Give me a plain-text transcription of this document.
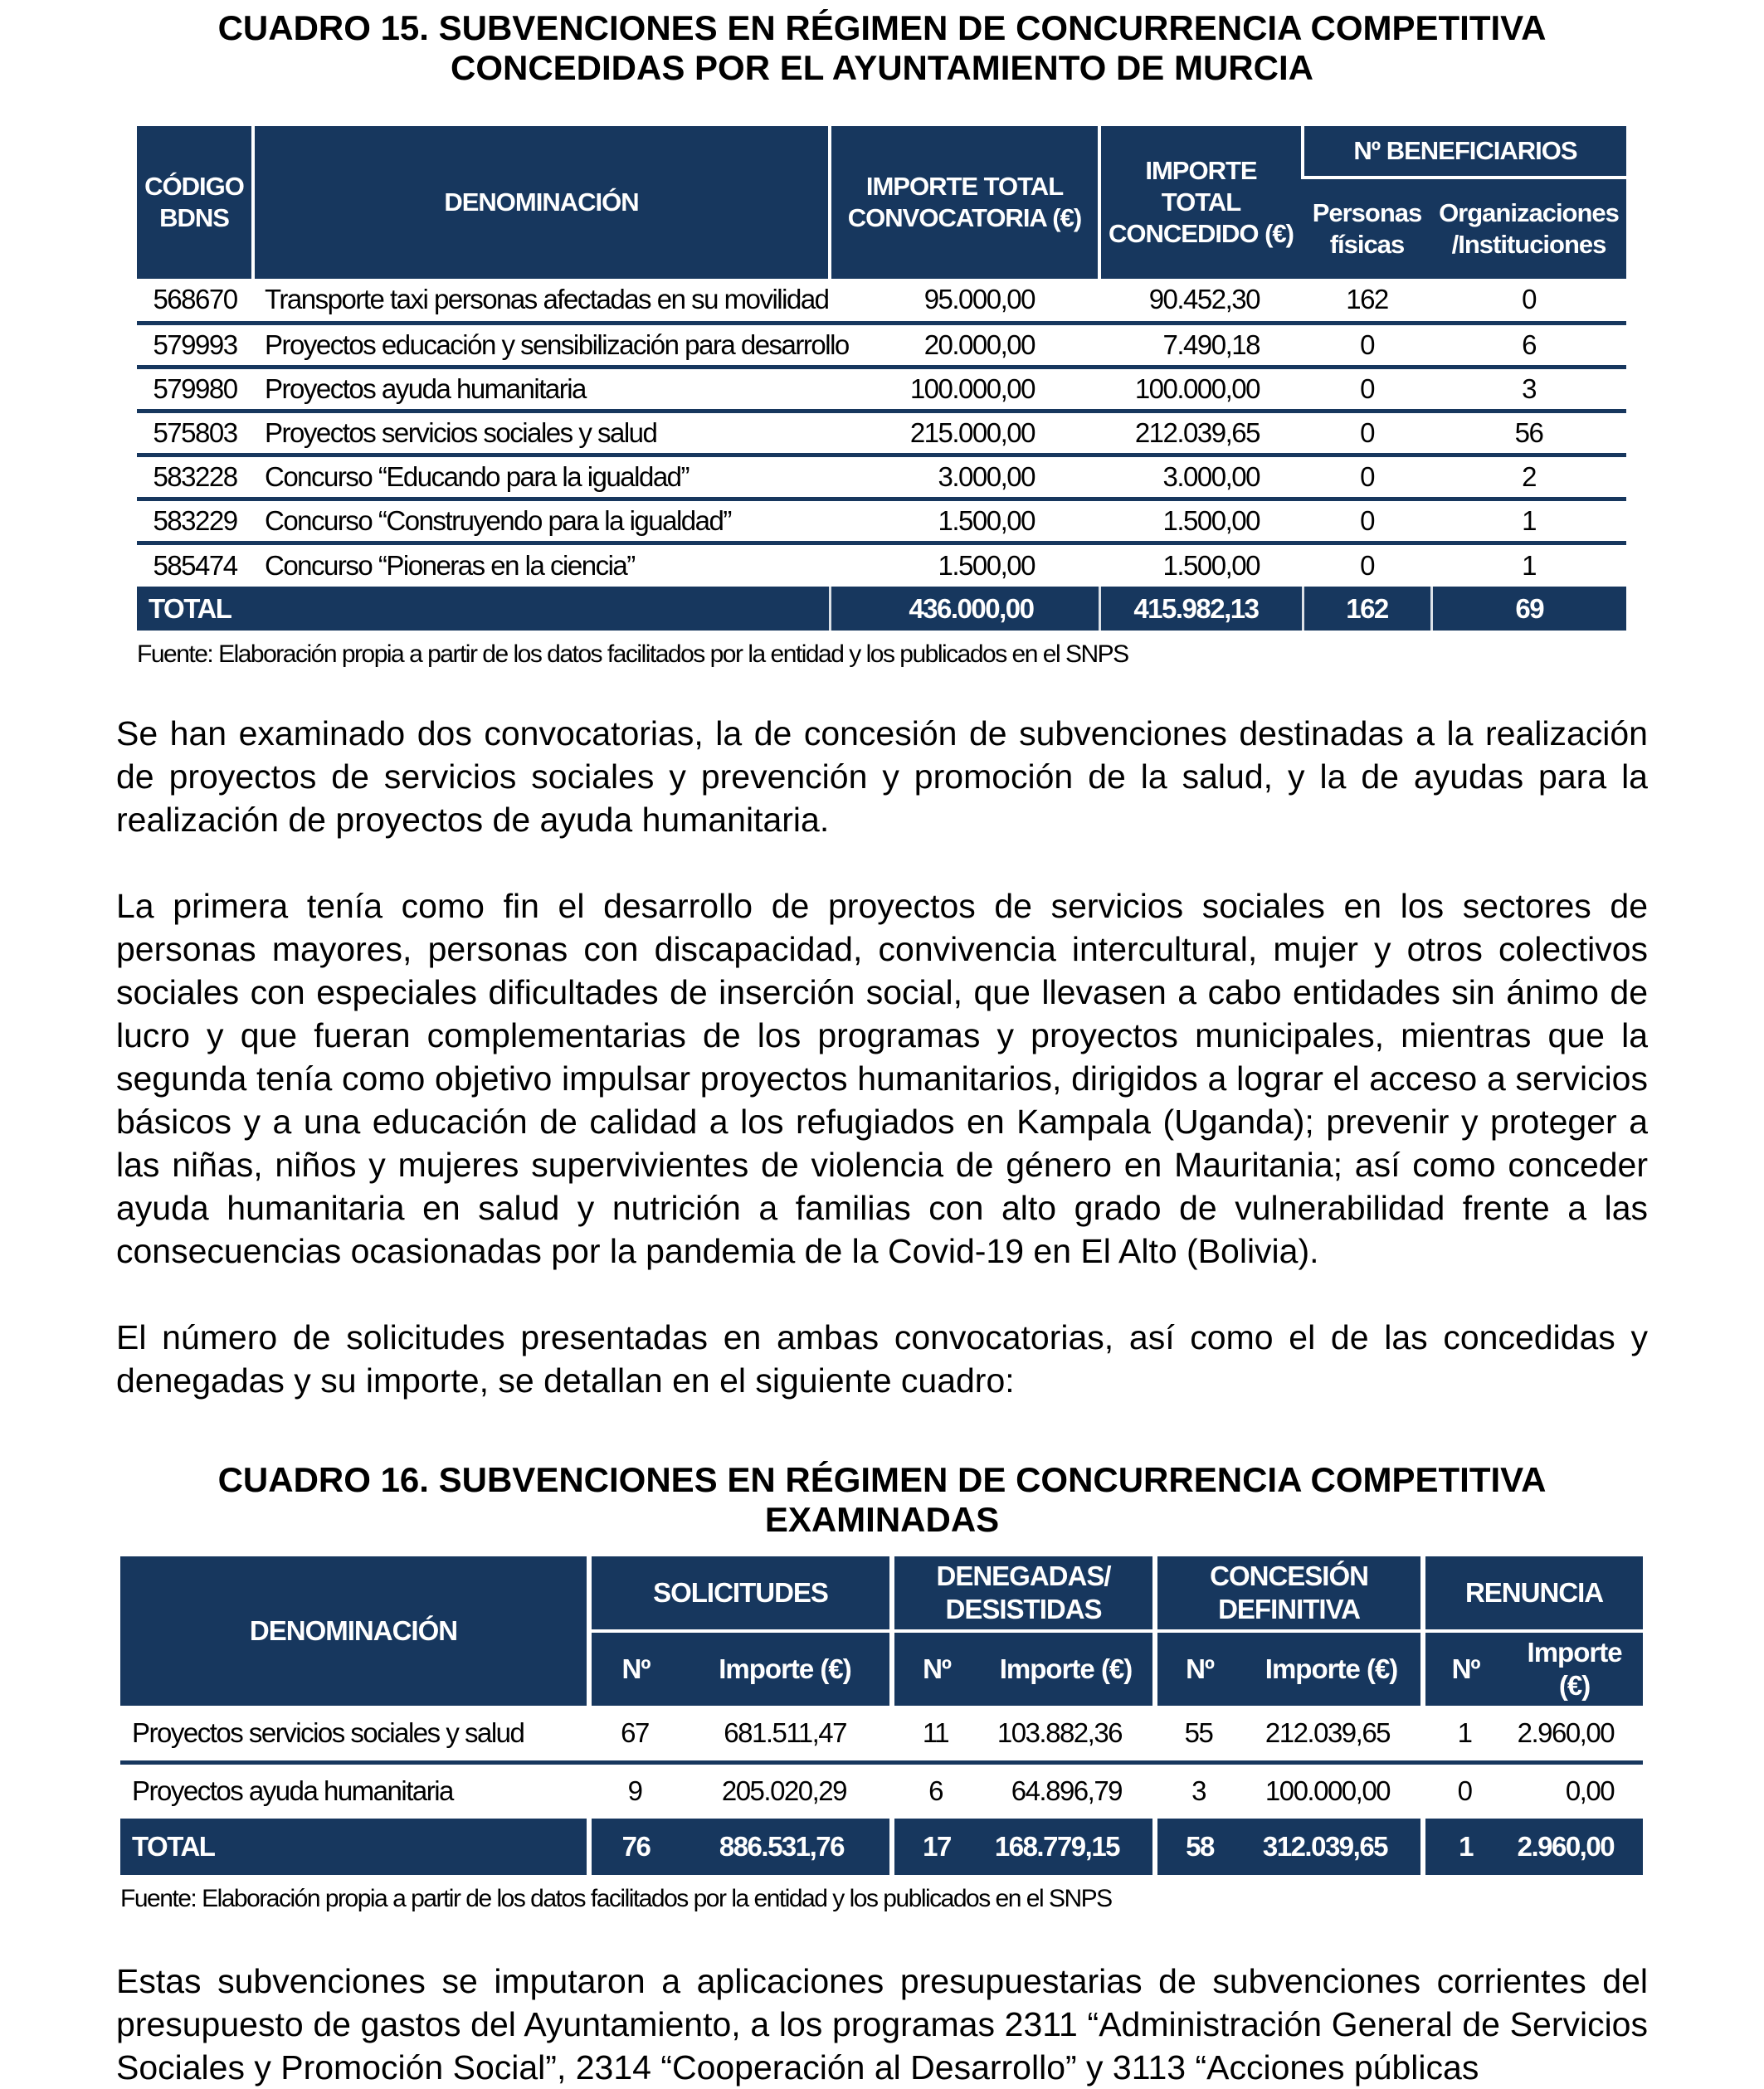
CUADRO 15. SUBVENCIONES EN RÉGIMEN DE CONCURRENCIA COMPETITIVA
CONCEDIDAS POR EL AYUNTAMIENTO DE MURCIA
CÓDIGO BDNS	DENOMINACIÓN	IMPORTE TOTAL CONVOCATORIA (€)	IMPORTE TOTAL CONCEDIDO (€)	Nº BENEFICIARIOS	
				Personas físicas	Organizaciones /Instituciones
568670	Transporte taxi personas afectadas en su movilidad	95.000,00	90.452,30	162	0
579993	Proyectos educación y sensibilización para desarrollo	20.000,00	7.490,18	0	6
579980	Proyectos ayuda humanitaria	100.000,00	100.000,00	0	3
575803	Proyectos servicios sociales y salud	215.000,00	212.039,65	0	56
583228	Concurso “Educando para la igualdad”	3.000,00	3.000,00	0	2
583229	Concurso “Construyendo para la igualdad”	1.500,00	1.500,00	0	1
585474	Concurso “Pioneras en la ciencia”	1.500,00	1.500,00	0	1
TOTAL		436.000,00	415.982,13	162	69
Fuente: Elaboración propia a partir de los datos facilitados por la entidad y los publicados en el SNPS

Se han examinado dos convocatorias, la de concesión de subvenciones destinadas a la realización de proyectos de servicios sociales y prevención y promoción de la salud, y la de ayudas para la realización de proyectos de ayuda humanitaria.

La primera tenía como fin el desarrollo de proyectos de servicios sociales en los sectores de personas mayores, personas con discapacidad, convivencia intercultural, mujer y otros colectivos sociales con especiales dificultades de inserción social, que llevasen a cabo entidades sin ánimo de lucro y que fueran complementarias de los programas y proyectos municipales, mientras que la segunda tenía como objetivo impulsar proyectos humanitarios, dirigidos a lograr el acceso a servicios básicos y a una educación de calidad a los refugiados en Kampala (Uganda); prevenir y proteger a las niñas, niños y mujeres supervivientes de violencia de género en Mauritania; así como conceder ayuda humanitaria en salud y nutrición a familias con alto grado de vulnerabilidad frente a las consecuencias ocasionadas por la pandemia de la Covid-19 en El Alto (Bolivia).

El número de solicitudes presentadas en ambas convocatorias, así como el de las concedidas y denegadas y su importe, se detallan en el siguiente cuadro:

CUADRO 16. SUBVENCIONES EN RÉGIMEN DE CONCURRENCIA COMPETITIVA
EXAMINADAS
DENOMINACIÓN	SOLICITUDES		DENEGADAS/ DESISTIDAS		CONCESIÓN DEFINITIVA		RENUNCIA	
	Nº	Importe (€)	Nº	Importe (€)	Nº	Importe (€)	Nº	Importe (€)
Proyectos servicios sociales y salud	67	681.511,47	11	103.882,36	55	212.039,65	1	2.960,00
Proyectos ayuda humanitaria	9	205.020,29	6	64.896,79	3	100.000,00	0	0,00
TOTAL	76	886.531,76	17	168.779,15	58	312.039,65	1	2.960,00
Fuente: Elaboración propia a partir de los datos facilitados por la entidad y los publicados en el SNPS

Estas subvenciones se imputaron a aplicaciones presupuestarias de subvenciones corrientes del presupuesto de gastos del Ayuntamiento, a los programas 2311 “Administración General de Servicios Sociales y Promoción Social”, 2314 “Cooperación al Desarrollo” y 3113 “Acciones públicas
